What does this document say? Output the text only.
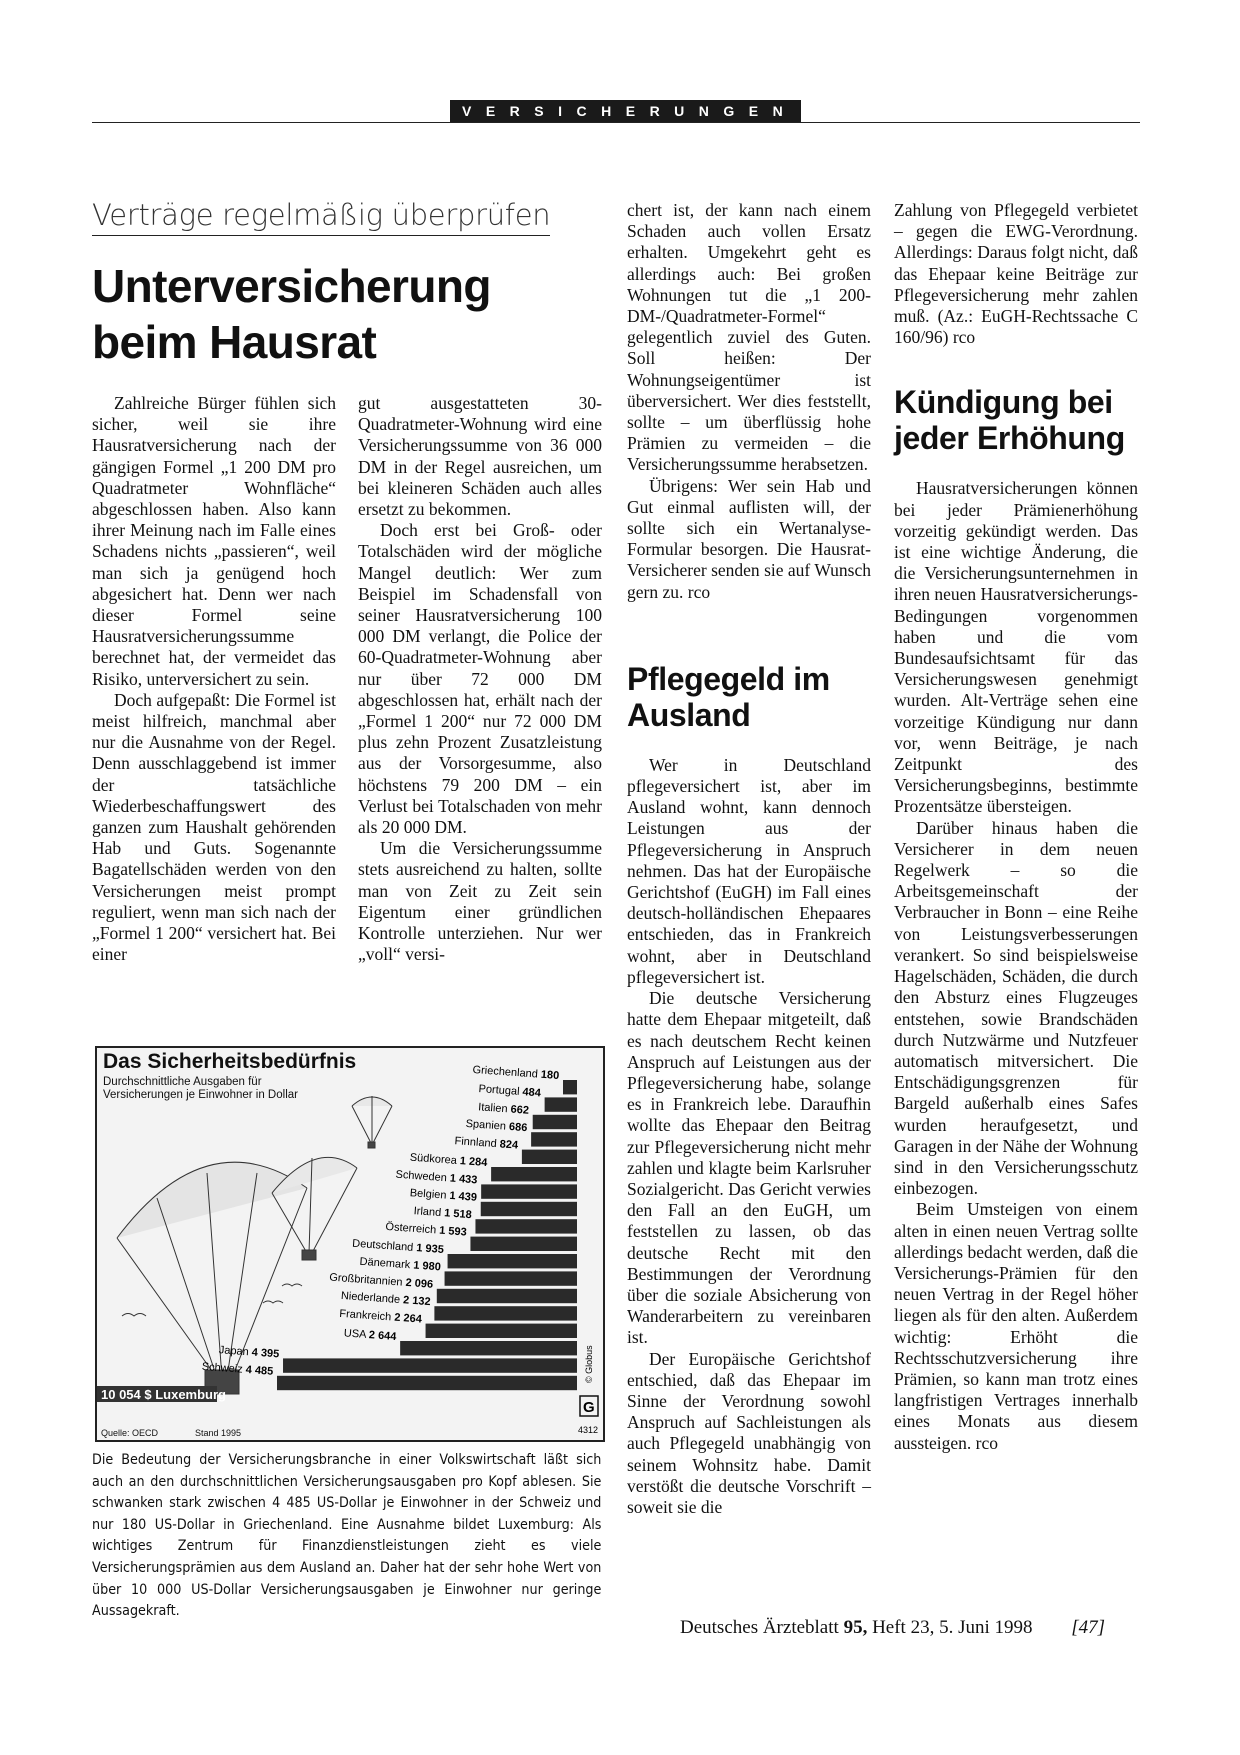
VERSICHERUNGEN
Verträge regelmäßig überprüfen
Unterversicherung
beim Hausrat

Zahlreiche Bürger fühlen sich sicher, weil sie ihre Hausratversicherung nach der gängigen Formel „1 200 DM pro Quadratmeter Wohnfläche“ abgeschlossen haben. Also kann ihrer Meinung nach im Falle eines Schadens nichts „passieren“, weil man sich ja genügend hoch abgesichert hat. Denn wer nach dieser Formel seine Hausratversicherungssumme berechnet hat, der vermeidet das Risiko, unterversichert zu sein.

Doch aufgepaßt: Die Formel ist meist hilfreich, manchmal aber nur die Ausnahme von der Regel. Denn ausschlaggebend ist immer der tatsächliche Wiederbeschaffungswert des ganzen zum Haushalt gehörenden Hab und Guts. Sogenannte Bagatellschäden werden von den Versicherungen meist prompt reguliert, wenn man sich nach der „Formel 1 200“ versichert hat. Bei einer

gut ausgestatteten 30-Quadratmeter-Wohnung wird eine Versicherungssumme von 36 000 DM in der Regel ausreichen, um bei kleineren Schäden auch alles ersetzt zu bekommen.

Doch erst bei Groß- oder Totalschäden wird der mögliche Mangel deutlich: Wer zum Beispiel im Schadensfall von seiner Hausratversicherung 100 000 DM verlangt, die Police der 60-Quadratmeter-Wohnung aber nur über 72 000 DM abgeschlossen hat, erhält nach der „Formel 1 200“ nur 72 000 DM plus zehn Prozent Zusatzleistung aus der Vorsorgesumme, also höchstens 79 200 DM – ein Verlust bei Totalschaden von mehr als 20 000 DM.

Um die Versicherungssumme stets ausreichend zu halten, sollte man von Zeit zu Zeit sein Eigentum einer gründlichen Kontrolle unterziehen. Nur wer „voll“ versi-

chert ist, der kann nach einem Schaden auch vollen Ersatz erhalten. Umgekehrt geht es allerdings auch: Bei großen Wohnungen tut die „1 200-DM-/Quadratmeter-Formel“ gelegentlich zuviel des Guten. Soll heißen: Der Wohnungseigentümer ist überversichert. Wer dies feststellt, sollte – um überflüssig hohe Prämien zu vermeiden – die Versicherungssumme herabsetzen.

Übrigens: Wer sein Hab und Gut einmal auflisten will, der sollte sich ein Wertanalyse-Formular besorgen. Die Hausrat-Versicherer senden sie auf Wunsch gern zu. rco

Pflegegeld im Ausland

Wer in Deutschland pflegeversichert ist, aber im Ausland wohnt, kann dennoch Leistungen aus der Pflegeversicherung in Anspruch nehmen. Das hat der Europäische Gerichtshof (EuGH) im Fall eines deutsch-holländischen Ehepaares entschieden, das in Frankreich wohnt, aber in Deutschland pflegeversichert ist.

Die deutsche Versicherung hatte dem Ehepaar mitgeteilt, daß es nach deutschem Recht keinen Anspruch auf Leistungen aus der Pflegeversicherung habe, solange es in Frankreich lebe. Daraufhin wollte das Ehepaar den Beitrag zur Pflegeversicherung nicht mehr zahlen und klagte beim Karlsruher Sozialgericht. Das Gericht verwies den Fall an den EuGH, um feststellen zu lassen, ob das deutsche Recht mit den Bestimmungen der Verordnung über die soziale Absicherung von Wanderarbeitern zu vereinbaren ist.

Der Europäische Gerichtshof entschied, daß das Ehepaar im Sinne der Verordnung sowohl Anspruch auf Sachleistungen als auch Pflegegeld unabhängig von seinem Wohnsitz habe. Damit verstößt die deutsche Vorschrift – soweit sie die

Zahlung von Pflegegeld verbietet – gegen die EWG-Verordnung. Allerdings: Daraus folgt nicht, daß das Ehepaar keine Beiträge zur Pflegeversicherung mehr zahlen muß. (Az.: EuGH-Rechtssache C 160/96) rco

Kündigung bei jeder Erhöhung

Hausratversicherungen können bei jeder Prämienerhöhung vorzeitig gekündigt werden. Das ist eine wichtige Änderung, die die Versicherungsunternehmen in ihren neuen Hausratversicherungs-Bedingungen vorgenommen haben und die vom Bundesaufsichtsamt für das Versicherungswesen genehmigt wurden. Alt-Verträge sehen eine vorzeitige Kündigung nur dann vor, wenn Beiträge, je nach Zeitpunkt des Versicherungsbeginns, bestimmte Prozentsätze übersteigen.

Darüber hinaus haben die Versicherer in dem neuen Regelwerk – so die Arbeitsgemeinschaft der Verbraucher in Bonn – eine Reihe von Leistungsverbesserungen verankert. So sind beispielsweise Hagelschäden, Schäden, die durch den Absturz eines Flugzeuges entstehen, sowie Brandschäden durch Nutzwärme und Nutzfeuer automatisch mitversichert. Die Entschädigungsgrenzen für Bargeld außerhalb eines Safes wurden heraufgesetzt, und Garagen in der Nähe der Wohnung sind in den Versicherungsschutz einbezogen.

Beim Umsteigen von einem alten in einen neuen Vertrag sollte allerdings bedacht werden, daß die Versicherungs-Prämien für den neuen Vertrag in der Regel höher liegen als für den alten. Außerdem wichtig: Erhöht die Rechtsschutzversicherung ihre Prämien, so kann man trotz eines langfristigen Vertrages innerhalb eines Monats aus diesem aussteigen. rco

Griechenland 180
Portugal 484
Italien 662
Spanien 686
Finnland 824
Südkorea 1 284
Schweden 1 433
Belgien 1 439
Irland 1 518
Österreich 1 593
Deutschland 1 935
Dänemark 1 980
Großbritannien 2 096
Niederlande 2 132
Frankreich 2 264
USA 2 644
Japan 4 395
Schweiz 4 485
10 054 $ Luxemburg
G
4312
© Globus
Das Sicherheitsbedürfnis
Durchschnittliche Ausgaben für Versicherungen je Einwohner in Dollar
Quelle: OECD	Stand 1995
Die Bedeutung der Versicherungsbranche in einer Volkswirtschaft läßt sich auch an den durchschnittlichen Versicherungsausgaben pro Kopf ablesen. Sie schwanken stark zwischen 4 485 US-Dollar je Einwohner in der Schweiz und nur 180 US-Dollar in Griechenland. Eine Ausnahme bildet Luxemburg: Als wichtiges Zentrum für Finanzdienstleistungen zieht es viele Versicherungsprämien aus dem Ausland an. Daher hat der sehr hohe Wert von über 10 000 US-Dollar Versicherungsausgaben je Einwohner nur geringe Aussagekraft.
Deutsches Ärzteblatt 95, Heft 23, 5. Juni 1998 [47]
